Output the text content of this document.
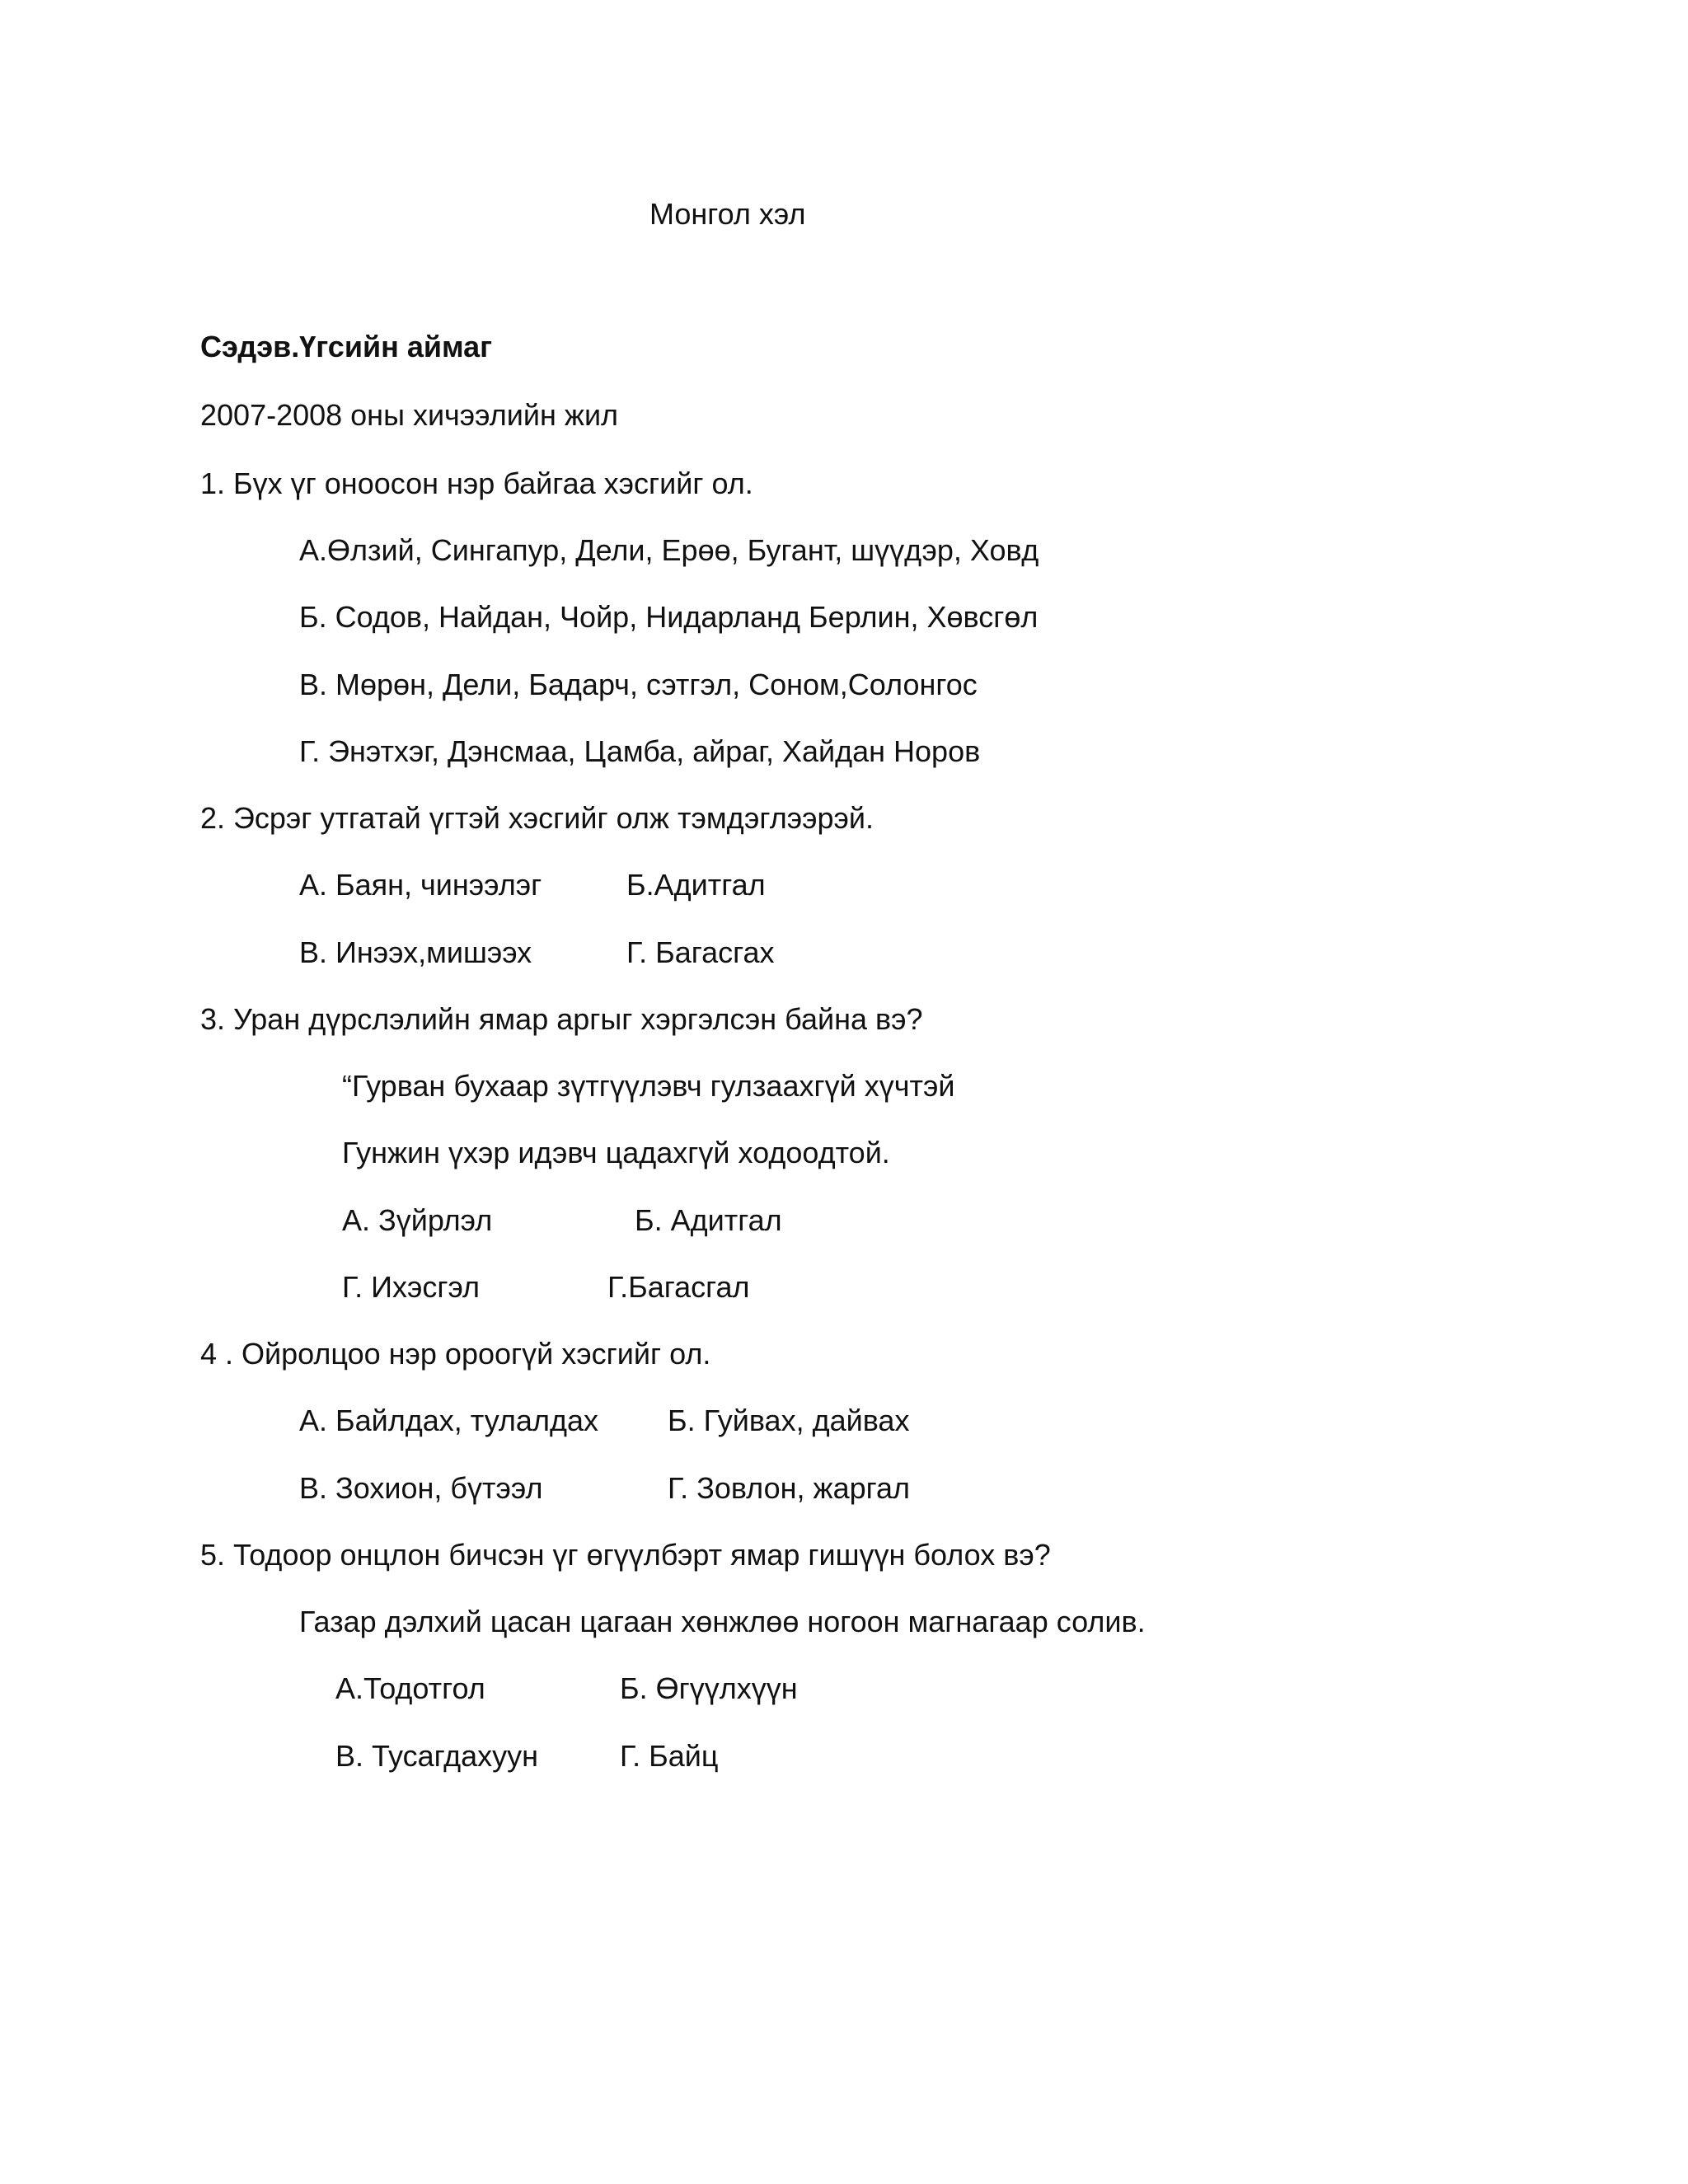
Монгол хэл
Сэдэв.Үгсийн аймаг
2007-2008 оны хичээлийн жил
1. Бүх үг оноосон нэр байгаа хэсгийг ол.
А.Өлзий, Сингапур, Дели, Ерөө, Бугант, шүүдэр, Ховд
Б. Содов, Найдан, Чойр, Нидарланд Берлин, Хөвсгөл
В. Мөрөн, Дели, Бадарч, сэтгэл, Соном,Солонгос
Г. Энэтхэг, Дэнсмаа, Цамба, айраг, Хайдан Норов
2. Эсрэг утгатай үгтэй хэсгийг олж тэмдэглээрэй.
А. Баян, чинээлэг	Б.Адитгал
В. Инээх,мишээх	Г. Багасгах
3. Уран дүрслэлийн ямар аргыг хэргэлсэн байна вэ?
“Гурван бухаар зүтгүүлэвч гулзаахгүй хүчтэй
Гунжин үхэр идэвч цадахгүй ходоодтой.
А. Зүйрлэл	Б. Адитгал
Г. Ихэсгэл	Г.Багасгал
4 . Ойролцоо нэр ороогүй хэсгийг ол.
А. Байлдах, тулалдах Б. Гуйвах, дайвах
В. Зохион, бүтээл	Г. Зовлон, жаргал
5. Тодоор онцлон бичсэн үг өгүүлбэрт ямар гишүүн болох вэ?
Газар дэлхий цасан цагаан хөнжлөө ногоон магнагаар солив.
А.Тодотгол	Б. Өгүүлхүүн
В. Тусагдахуун	Г. Байц
